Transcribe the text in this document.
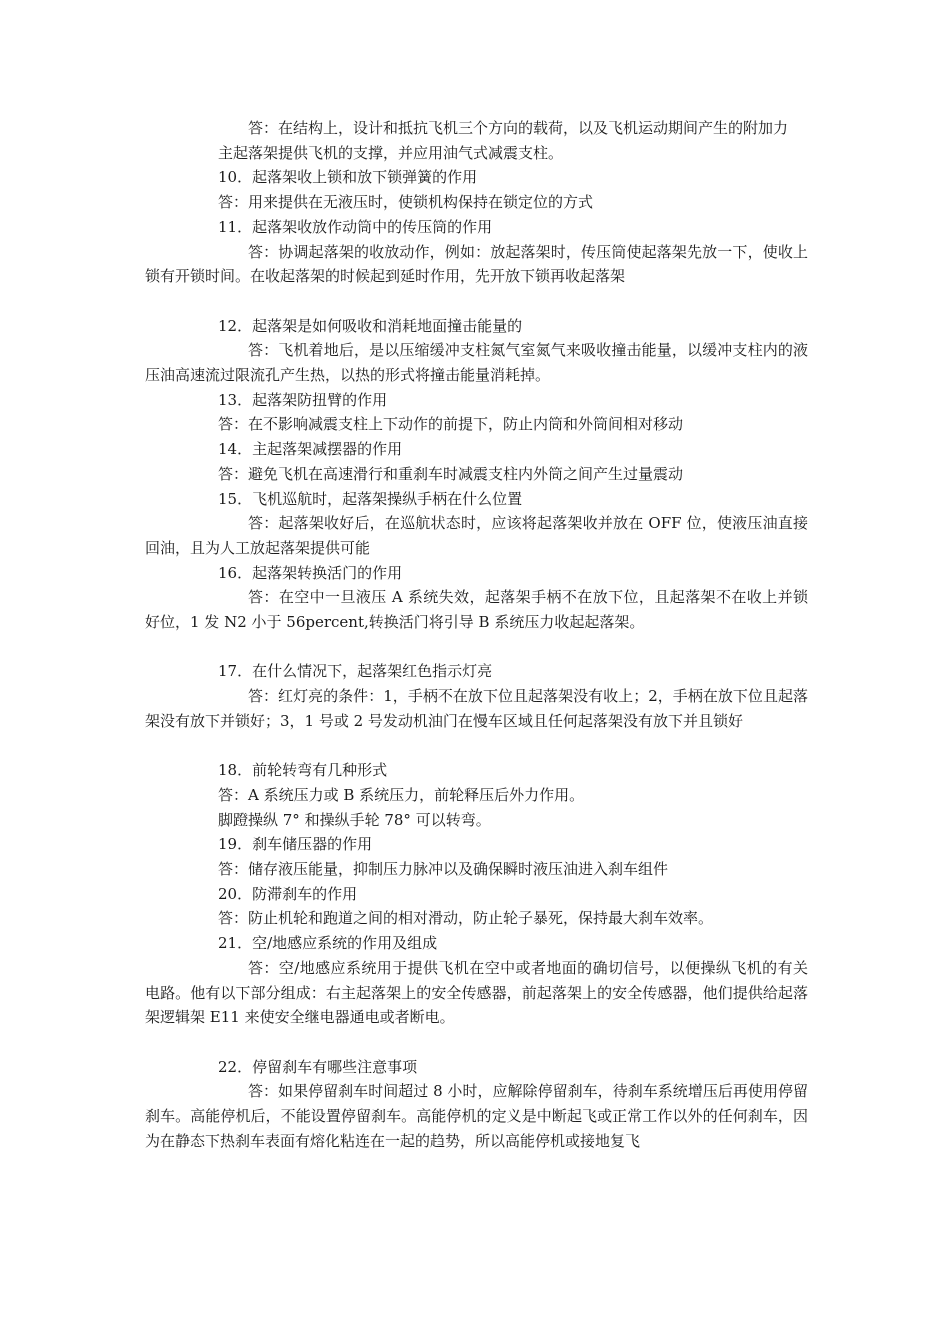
答：在结构上，设计和抵抗飞机三个方向的载荷，以及飞机运动期间产生的附加力

主起落架提供飞机的支撑，并应用油气式减震支柱。

10．起落架收上锁和放下锁弹簧的作用

答：用来提供在无液压时，使锁机构保持在锁定位的方式

11．起落架收放作动筒中的传压筒的作用

答：协调起落架的收放动作，例如：放起落架时，传压筒使起落架先放一下，使收上锁有开锁时间。在收起落架的时候起到延时作用，先开放下锁再收起落架

12．起落架是如何吸收和消耗地面撞击能量的

答：飞机着地后，是以压缩缓冲支柱氮气室氮气来吸收撞击能量，以缓冲支柱内的液压油高速流过限流孔产生热，以热的形式将撞击能量消耗掉。

13．起落架防扭臂的作用

答：在不影响减震支柱上下动作的前提下，防止内筒和外筒间相对移动

14．主起落架减摆器的作用

答：避免飞机在高速滑行和重刹车时减震支柱内外筒之间产生过量震动

15．飞机巡航时，起落架操纵手柄在什么位置

答：起落架收好后，在巡航状态时，应该将起落架收并放在 OFF 位，使液压油直接回油，且为人工放起落架提供可能

16．起落架转换活门的作用

答：在空中一旦液压 A 系统失效，起落架手柄不在放下位，且起落架不在收上并锁好位，1 发 N2 小于 56percent,转换活门将引导 B 系统压力收起起落架。

17．在什么情况下，起落架红色指示灯亮

答：红灯亮的条件：1，手柄不在放下位且起落架没有收上；2，手柄在放下位且起落架没有放下并锁好；3，1 号或 2 号发动机油门在慢车区域且任何起落架没有放下并且锁好

18．前轮转弯有几种形式

答：A 系统压力或 B 系统压力，前轮释压后外力作用。

脚蹬操纵 7° 和操纵手轮 78° 可以转弯。

19．刹车储压器的作用

答：储存液压能量，抑制压力脉冲以及确保瞬时液压油进入刹车组件

20．防滞刹车的作用

答：防止机轮和跑道之间的相对滑动，防止轮子暴死，保持最大刹车效率。

21．空/地感应系统的作用及组成

答：空/地感应系统用于提供飞机在空中或者地面的确切信号，以便操纵飞机的有关电路。他有以下部分组成：右主起落架上的安全传感器，前起落架上的安全传感器，他们提供给起落架逻辑架 E11 来使安全继电器通电或者断电。

22．停留刹车有哪些注意事项

答：如果停留刹车时间超过 8 小时，应解除停留刹车，待刹车系统增压后再使用停留刹车。高能停机后，不能设置停留刹车。高能停机的定义是中断起飞或正常工作以外的任何刹车，因为在静态下热刹车表面有熔化粘连在一起的趋势，所以高能停机或接地复飞
